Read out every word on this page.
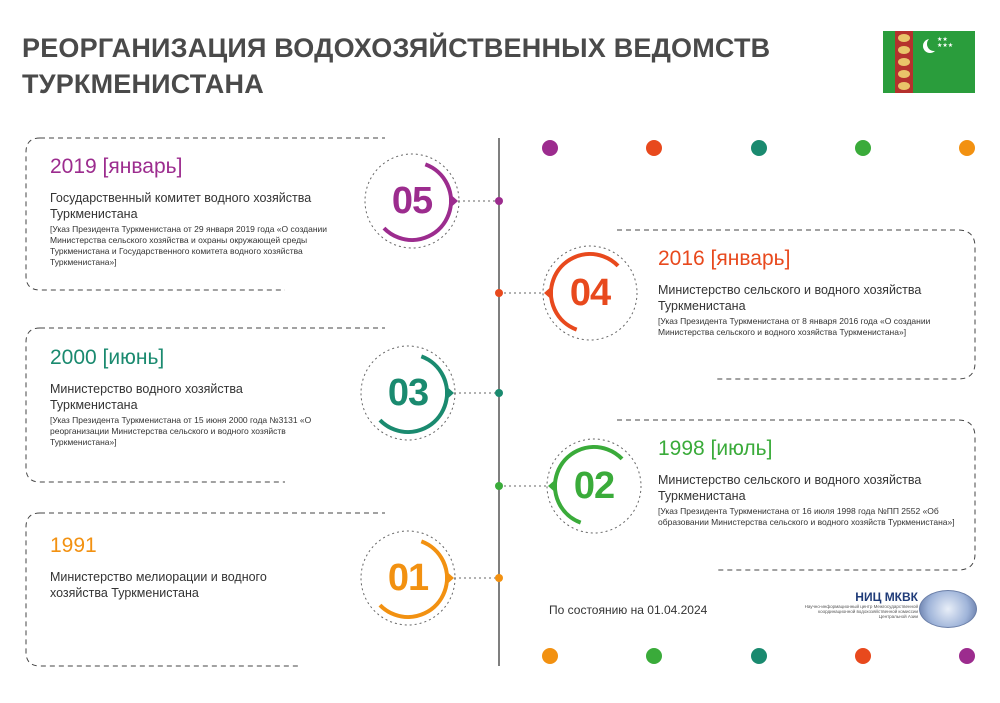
РЕОРГАНИЗАЦИЯ ВОДОХОЗЯЙСТВЕННЫХ ВЕДОМСТВ ТУРКМЕНИСТАНА
★★
★★★
05
04
03
02
01
2019 [январь]
Государственный комитет водного хозяйства Туркменистана
[Указ Президента Туркменистана от 29 января 2019 года «О создании Министерства сельского хозяйства и охраны окружающей среды Туркменистана и Государственного комитета водного хозяйства Туркменистана»]
2000 [июнь]
Министерство водного хозяйства Туркменистана
[Указ Президента Туркменистана от 15 июня 2000 года №3131 «О реорганизации Министерства сельского и водного хозяйств Туркменистана»]
1991
Министерство мелиорации и водного хозяйства Туркменистана
2016 [январь]
Министерство сельского и водного хозяйства Туркменистана
[Указ Президента Туркменистана от 8 января 2016 года «О создании Министерства сельского и водного хозяйства Туркменистана»]
1998 [июль]
Министерство сельского и водного хозяйства Туркменистана
[Указ Президента Туркменистана от 16 июля 1998 года №ПП 2552 «Об образовании Министерства сельского и водного хозяйств Туркменистана»]
По состоянию на 01.04.2024
НИЦ МКВК
Научно-информационный центр Межгосударственной координационной водохозяйственной комиссии Центральной Азии
